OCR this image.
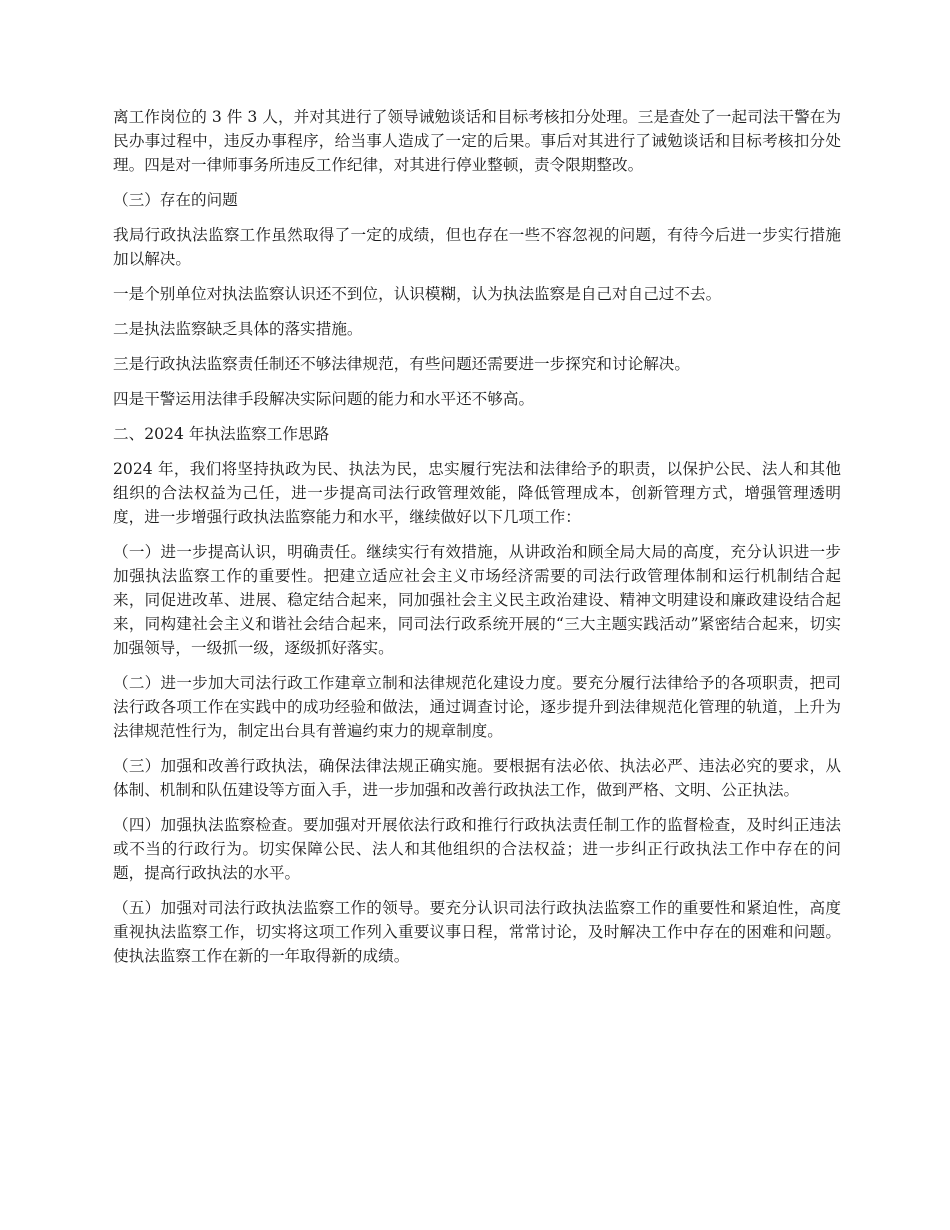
离工作岗位的 3 件 3 人，并对其进行了领导诫勉谈话和目标考核扣分处理。三是查处了一起司法干警在为民办事过程中，违反办事程序，给当事人造成了一定的后果。事后对其进行了诫勉谈话和目标考核扣分处理。四是对一律师事务所违反工作纪律，对其进行停业整顿，责令限期整改。

（三）存在的问题

我局行政执法监察工作虽然取得了一定的成绩，但也存在一些不容忽视的问题，有待今后进一步实行措施加以解决。

一是个别单位对执法监察认识还不到位，认识模糊，认为执法监察是自己对自己过不去。

二是执法监察缺乏具体的落实措施。

三是行政执法监察责任制还不够法律规范，有些问题还需要进一步探究和讨论解决。

四是干警运用法律手段解决实际问题的能力和水平还不够高。

二、2024 年执法监察工作思路

2024 年，我们将坚持执政为民、执法为民，忠实履行宪法和法律给予的职责，以保护公民、法人和其他组织的合法权益为己任，进一步提高司法行政管理效能，降低管理成本，创新管理方式，增强管理透明度，进一步增强行政执法监察能力和水平，继续做好以下几项工作：

（一）进一步提高认识，明确责任。继续实行有效措施，从讲政治和顾全局大局的高度，充分认识进一步加强执法监察工作的重要性。把建立适应社会主义市场经济需要的司法行政管理体制和运行机制结合起来，同促进改革、进展、稳定结合起来，同加强社会主义民主政治建设、精神文明建设和廉政建设结合起来，同构建社会主义和谐社会结合起来，同司法行政系统开展的“三大主题实践活动”紧密结合起来，切实加强领导，一级抓一级，逐级抓好落实。

（二）进一步加大司法行政工作建章立制和法律规范化建设力度。要充分履行法律给予的各项职责，把司法行政各项工作在实践中的成功经验和做法，通过调查讨论，逐步提升到法律规范化管理的轨道，上升为法律规范性行为，制定出台具有普遍约束力的规章制度。

（三）加强和改善行政执法，确保法律法规正确实施。要根据有法必依、执法必严、违法必究的要求，从体制、机制和队伍建设等方面入手，进一步加强和改善行政执法工作，做到严格、文明、公正执法。

（四）加强执法监察检查。要加强对开展依法行政和推行行政执法责任制工作的监督检查，及时纠正违法或不当的行政行为。切实保障公民、法人和其他组织的合法权益；进一步纠正行政执法工作中存在的问题，提高行政执法的水平。

（五）加强对司法行政执法监察工作的领导。要充分认识司法行政执法监察工作的重要性和紧迫性，高度重视执法监察工作，切实将这项工作列入重要议事日程，常常讨论，及时解决工作中存在的困难和问题。使执法监察工作在新的一年取得新的成绩。
